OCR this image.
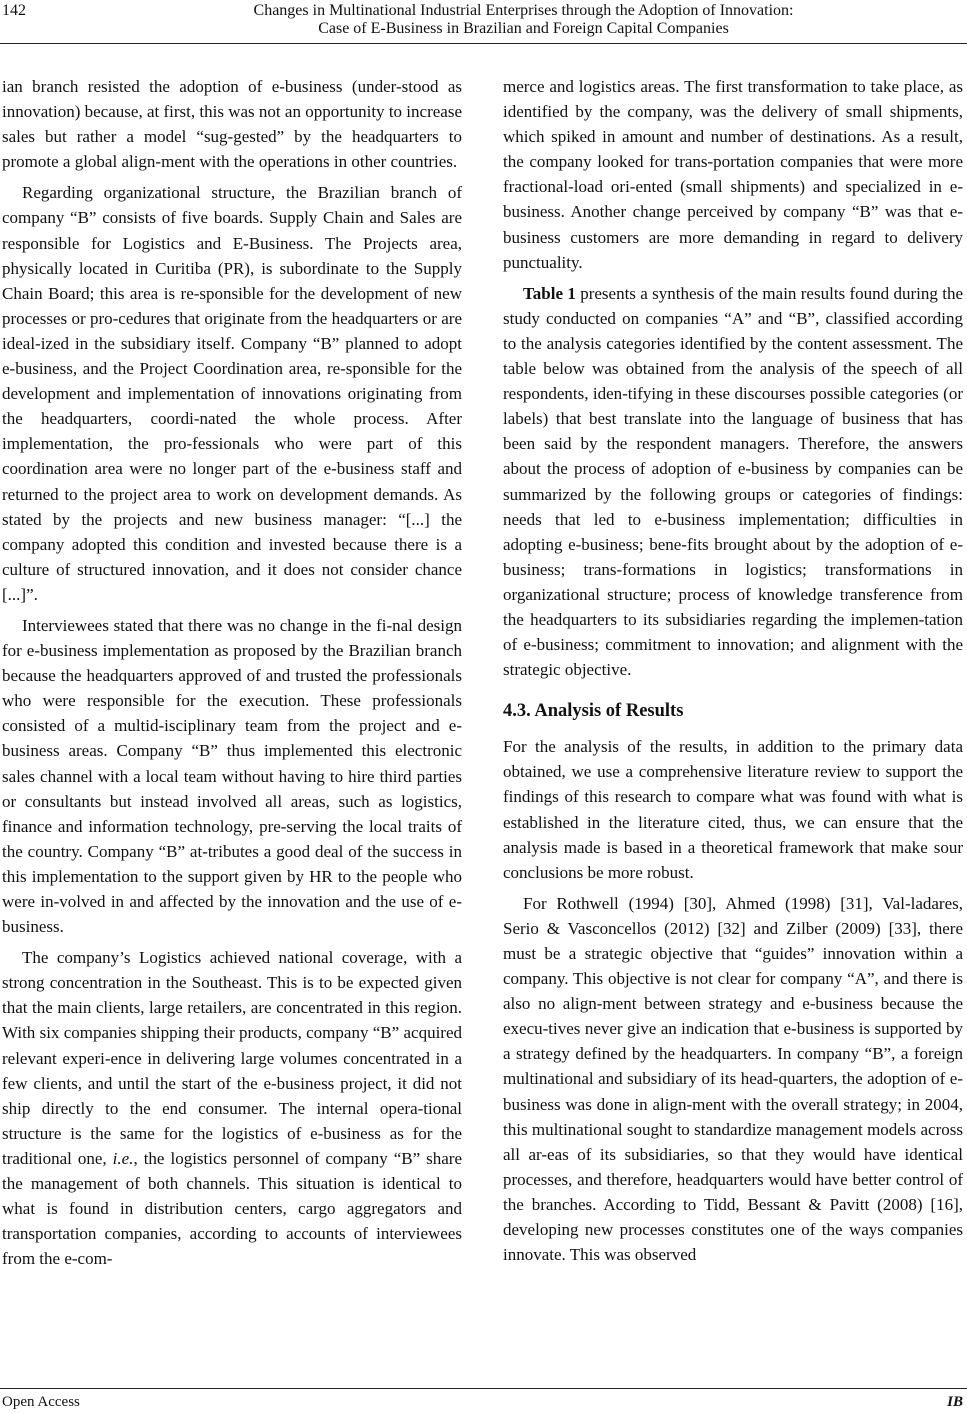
142	Changes in Multinational Industrial Enterprises through the Adoption of Innovation:
Case of E-Business in Brazilian and Foreign Capital Companies

ian branch resisted the adoption of e-business (under-stood as innovation) because, at first, this was not an opportunity to increase sales but rather a model “sug-gested” by the headquarters to promote a global align-ment with the operations in other countries.

Regarding organizational structure, the Brazilian branch of company “B” consists of five boards. Supply Chain and Sales are responsible for Logistics and E-Business. The Projects area, physically located in Curitiba (PR), is subordinate to the Supply Chain Board; this area is re-sponsible for the development of new processes or pro-cedures that originate from the headquarters or are ideal-ized in the subsidiary itself. Company “B” planned to adopt e-business, and the Project Coordination area, re-sponsible for the development and implementation of innovations originating from the headquarters, coordi-nated the whole process. After implementation, the pro-fessionals who were part of this coordination area were no longer part of the e-business staff and returned to the project area to work on development demands. As stated by the projects and new business manager: “[...] the company adopted this condition and invested because there is a culture of structured innovation, and it does not consider chance [...]”.

Interviewees stated that there was no change in the fi-nal design for e-business implementation as proposed by the Brazilian branch because the headquarters approved of and trusted the professionals who were responsible for the execution. These professionals consisted of a multid-isciplinary team from the project and e-business areas. Company “B” thus implemented this electronic sales channel with a local team without having to hire third parties or consultants but instead involved all areas, such as logistics, finance and information technology, pre-serving the local traits of the country. Company “B” at-tributes a good deal of the success in this implementation to the support given by HR to the people who were in-volved in and affected by the innovation and the use of e-business.

The company’s Logistics achieved national coverage, with a strong concentration in the Southeast. This is to be expected given that the main clients, large retailers, are concentrated in this region. With six companies shipping their products, company “B” acquired relevant experi-ence in delivering large volumes concentrated in a few clients, and until the start of the e-business project, it did not ship directly to the end consumer. The internal opera-tional structure is the same for the logistics of e-business as for the traditional one, i.e., the logistics personnel of company “B” share the management of both channels. This situation is identical to what is found in distribution centers, cargo aggregators and transportation companies, according to accounts of interviewees from the e-com-

merce and logistics areas. The first transformation to take place, as identified by the company, was the delivery of small shipments, which spiked in amount and number of destinations. As a result, the company looked for trans-portation companies that were more fractional-load ori-ented (small shipments) and specialized in e-business. Another change perceived by company “B” was that e-business customers are more demanding in regard to delivery punctuality.

Table 1 presents a synthesis of the main results found during the study conducted on companies “A” and “B”, classified according to the analysis categories identified by the content assessment. The table below was obtained from the analysis of the speech of all respondents, iden-tifying in these discourses possible categories (or labels) that best translate into the language of business that has been said by the respondent managers. Therefore, the answers about the process of adoption of e-business by companies can be summarized by the following groups or categories of findings: needs that led to e-business implementation; difficulties in adopting e-business; bene-fits brought about by the adoption of e-business; trans-formations in logistics; transformations in organizational structure; process of knowledge transference from the headquarters to its subsidiaries regarding the implemen-tation of e-business; commitment to innovation; and alignment with the strategic objective.

4.3. Analysis of Results

For the analysis of the results, in addition to the primary data obtained, we use a comprehensive literature review to support the findings of this research to compare what was found with what is established in the literature cited, thus, we can ensure that the analysis made is based in a theoretical framework that make sour conclusions be more robust.

For Rothwell (1994) [30], Ahmed (1998) [31], Val-ladares, Serio & Vasconcellos (2012) [32] and Zilber (2009) [33], there must be a strategic objective that “guides” innovation within a company. This objective is not clear for company “A”, and there is also no align-ment between strategy and e-business because the execu-tives never give an indication that e-business is supported by a strategy defined by the headquarters. In company “B”, a foreign multinational and subsidiary of its head-quarters, the adoption of e-business was done in align-ment with the overall strategy; in 2004, this multinational sought to standardize management models across all ar-eas of its subsidiaries, so that they would have identical processes, and therefore, headquarters would have better control of the branches. According to Tidd, Bessant & Pavitt (2008) [16], developing new processes constitutes one of the ways companies innovate. This was observed

Open Access	IB
